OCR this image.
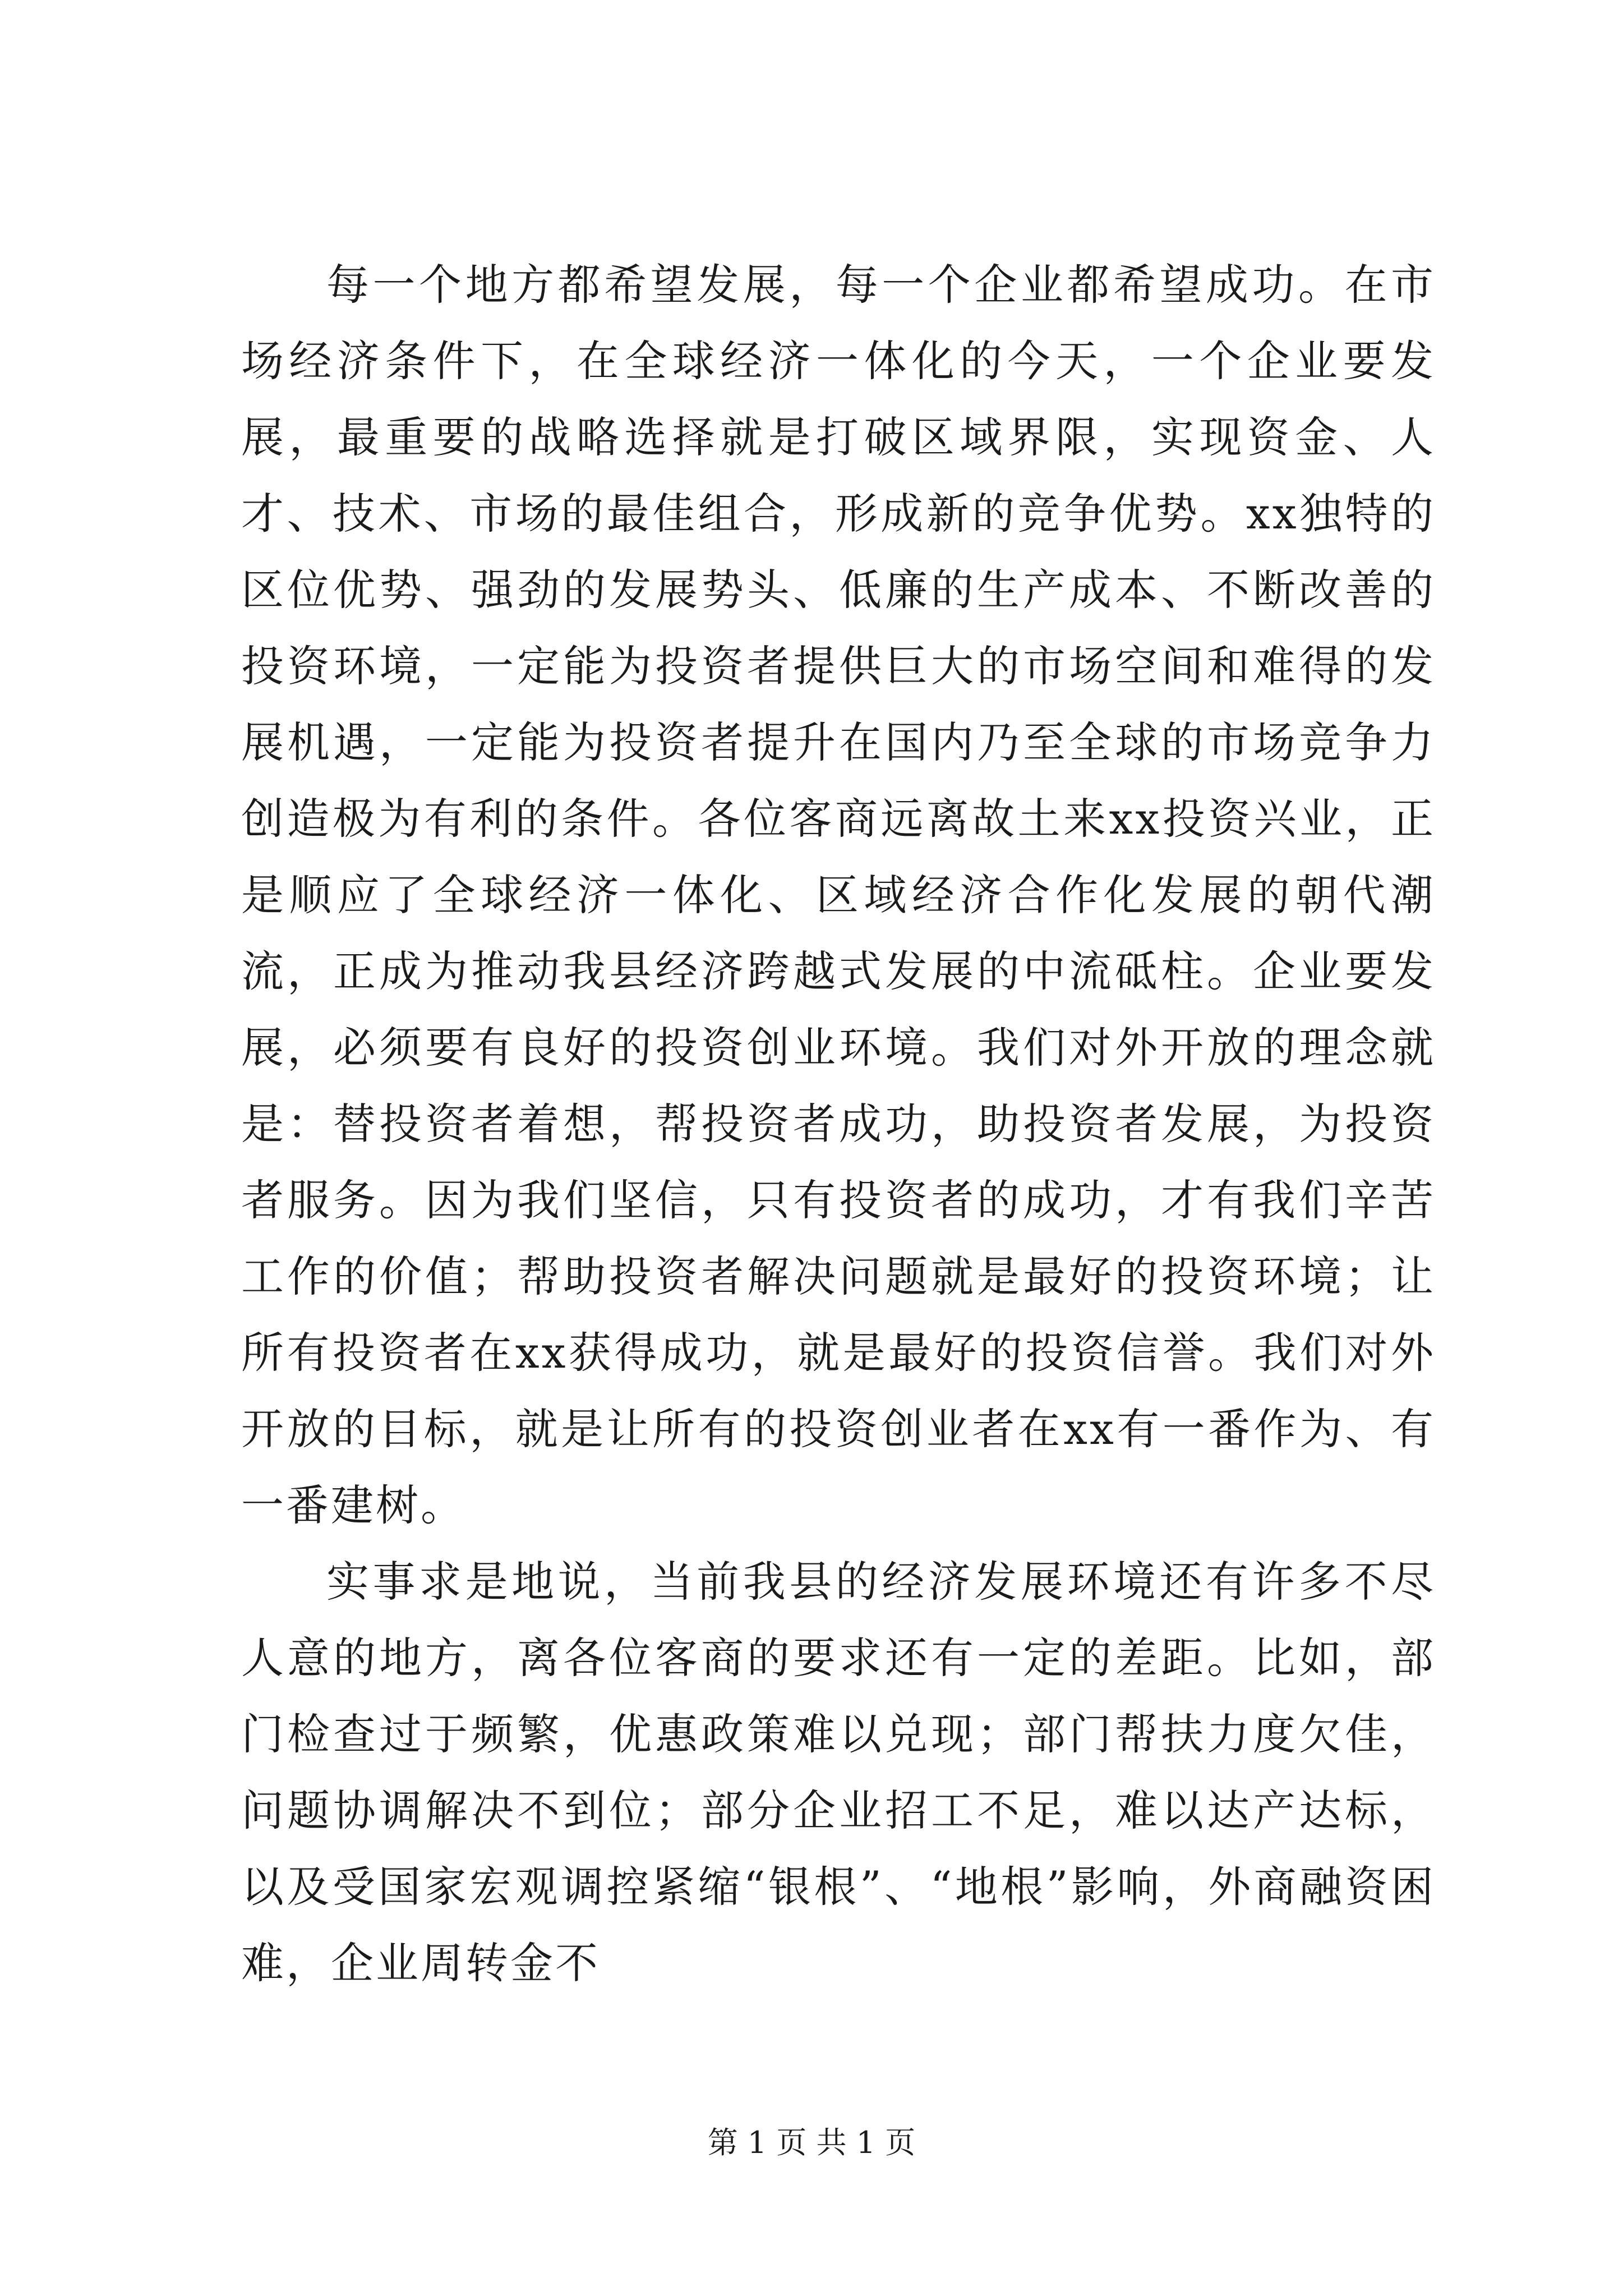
每一个地方都希望发展，每一个企业都希望成功。在市场经济条件下，在全球经济一体化的今天，一个企业要发展，最重要的战略选择就是打破区域界限，实现资金、人才、技术、市场的最佳组合，形成新的竞争优势。xx独特的区位优势、强劲的发展势头、低廉的生产成本、不断改善的投资环境，一定能为投资者提供巨大的市场空间和难得的发展机遇，一定能为投资者提升在国内乃至全球的市场竞争力创造极为有利的条件。各位客商远离故土来xx投资兴业，正是顺应了全球经济一体化、区域经济合作化发展的朝代潮流，正成为推动我县经济跨越式发展的中流砥柱。企业要发展，必须要有良好的投资创业环境。我们对外开放的理念就是：替投资者着想，帮投资者成功，助投资者发展，为投资者服务。因为我们坚信，只有投资者的成功，才有我们辛苦工作的价值；帮助投资者解决问题就是最好的投资环境；让所有投资者在xx获得成功，就是最好的投资信誉。我们对外开放的目标，就是让所有的投资创业者在xx有一番作为、有一番建树。

实事求是地说，当前我县的经济发展环境还有许多不尽人意的地方，离各位客商的要求还有一定的差距。比如，部门检查过于频繁，优惠政策难以兑现；部门帮扶力度欠佳，问题协调解决不到位；部分企业招工不足，难以达产达标，以及受国家宏观调控紧缩“银根”、“地根”影响，外商融资困难，企业周转金不

第 1 页 共 1 页
